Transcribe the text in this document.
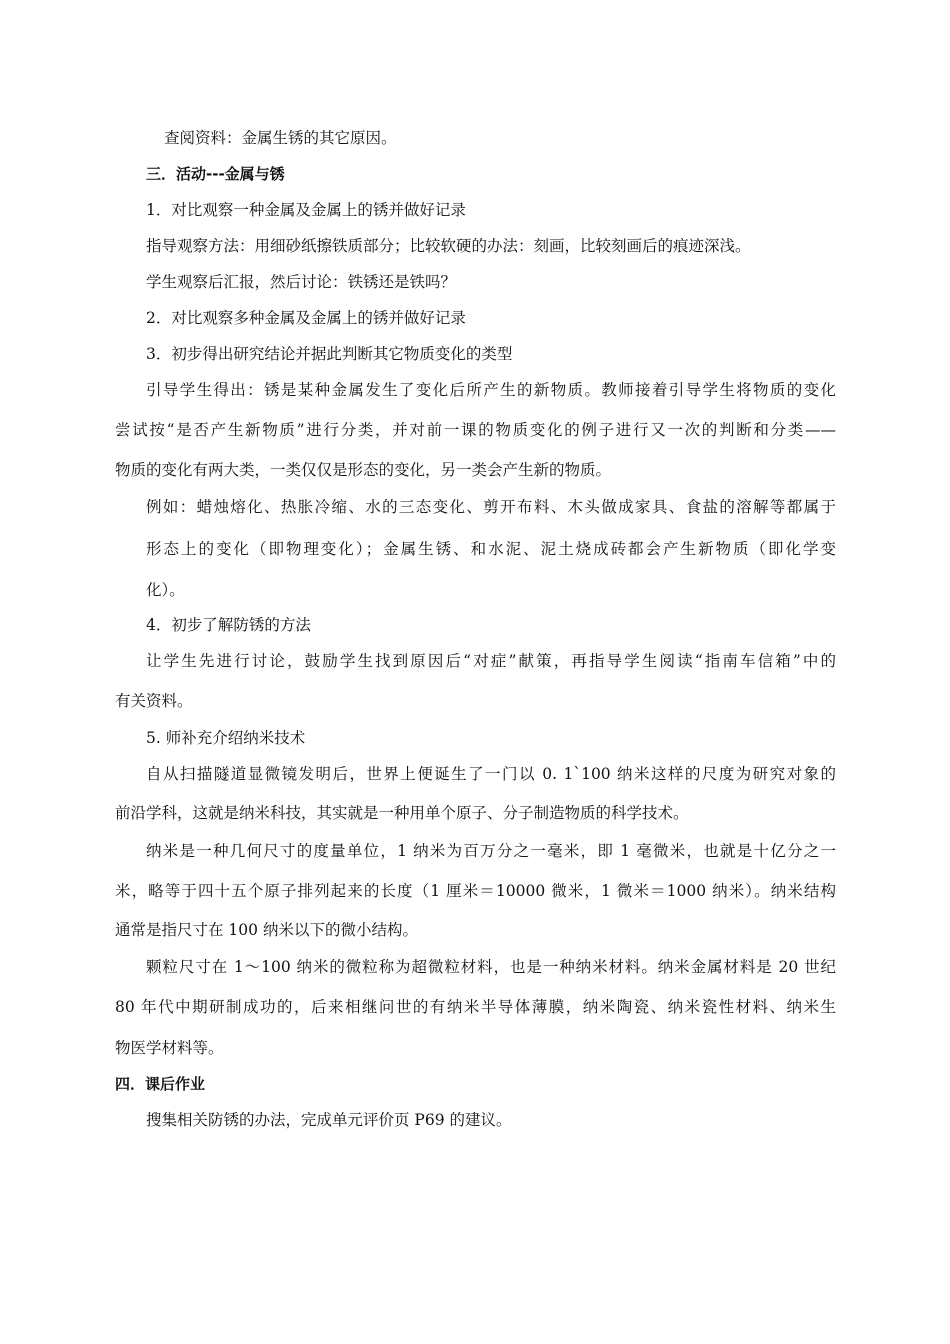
查阅资料：金属生锈的其它原因。
三．活动---金属与锈
1．对比观察一种金属及金属上的锈并做好记录
指导观察方法：用细砂纸擦铁质部分；比较软硬的办法：刻画，比较刻画后的痕迹深浅。
学生观察后汇报，然后讨论：铁锈还是铁吗？
2．对比观察多种金属及金属上的锈并做好记录
3．初步得出研究结论并据此判断其它物质变化的类型
引导学生得出：锈是某种金属发生了变化后所产生的新物质。教师接着引导学生将物质的变化
尝试按“是否产生新物质”进行分类，并对前一课的物质变化的例子进行又一次的判断和分类——
物质的变化有两大类，一类仅仅是形态的变化，另一类会产生新的物质。
例如：蜡烛熔化、热胀冷缩、水的三态变化、剪开布料、木头做成家具、食盐的溶解等都属于
形态上的变化（即物理变化）；金属生锈、和水泥、泥土烧成砖都会产生新物质（即化学变
化）。
4．初步了解防锈的方法
让学生先进行讨论，鼓励学生找到原因后“对症”献策，再指导学生阅读“指南车信箱”中的
有关资料。
5. 师补充介绍纳米技术
自从扫描隧道显微镜发明后，世界上便诞生了一门以 0. 1`100 纳米这样的尺度为研究对象的
前沿学科，这就是纳米科技，其实就是一种用单个原子、分子制造物质的科学技术。
纳米是一种几何尺寸的度量单位，1 纳米为百万分之一毫米，即 1 毫微米，也就是十亿分之一
米，略等于四十五个原子排列起来的长度（1 厘米＝10000 微米，1 微米＝1000 纳米）。纳米结构
通常是指尺寸在 100 纳米以下的微小结构。
颗粒尺寸在 1～100 纳米的微粒称为超微粒材料，也是一种纳米材料。纳米金属材料是 20 世纪
80 年代中期研制成功的，后来相继问世的有纳米半导体薄膜，纳米陶瓷、纳米瓷性材料、纳米生
物医学材料等。
四．课后作业
搜集相关防锈的办法，完成单元评价页 P69 的建议。
